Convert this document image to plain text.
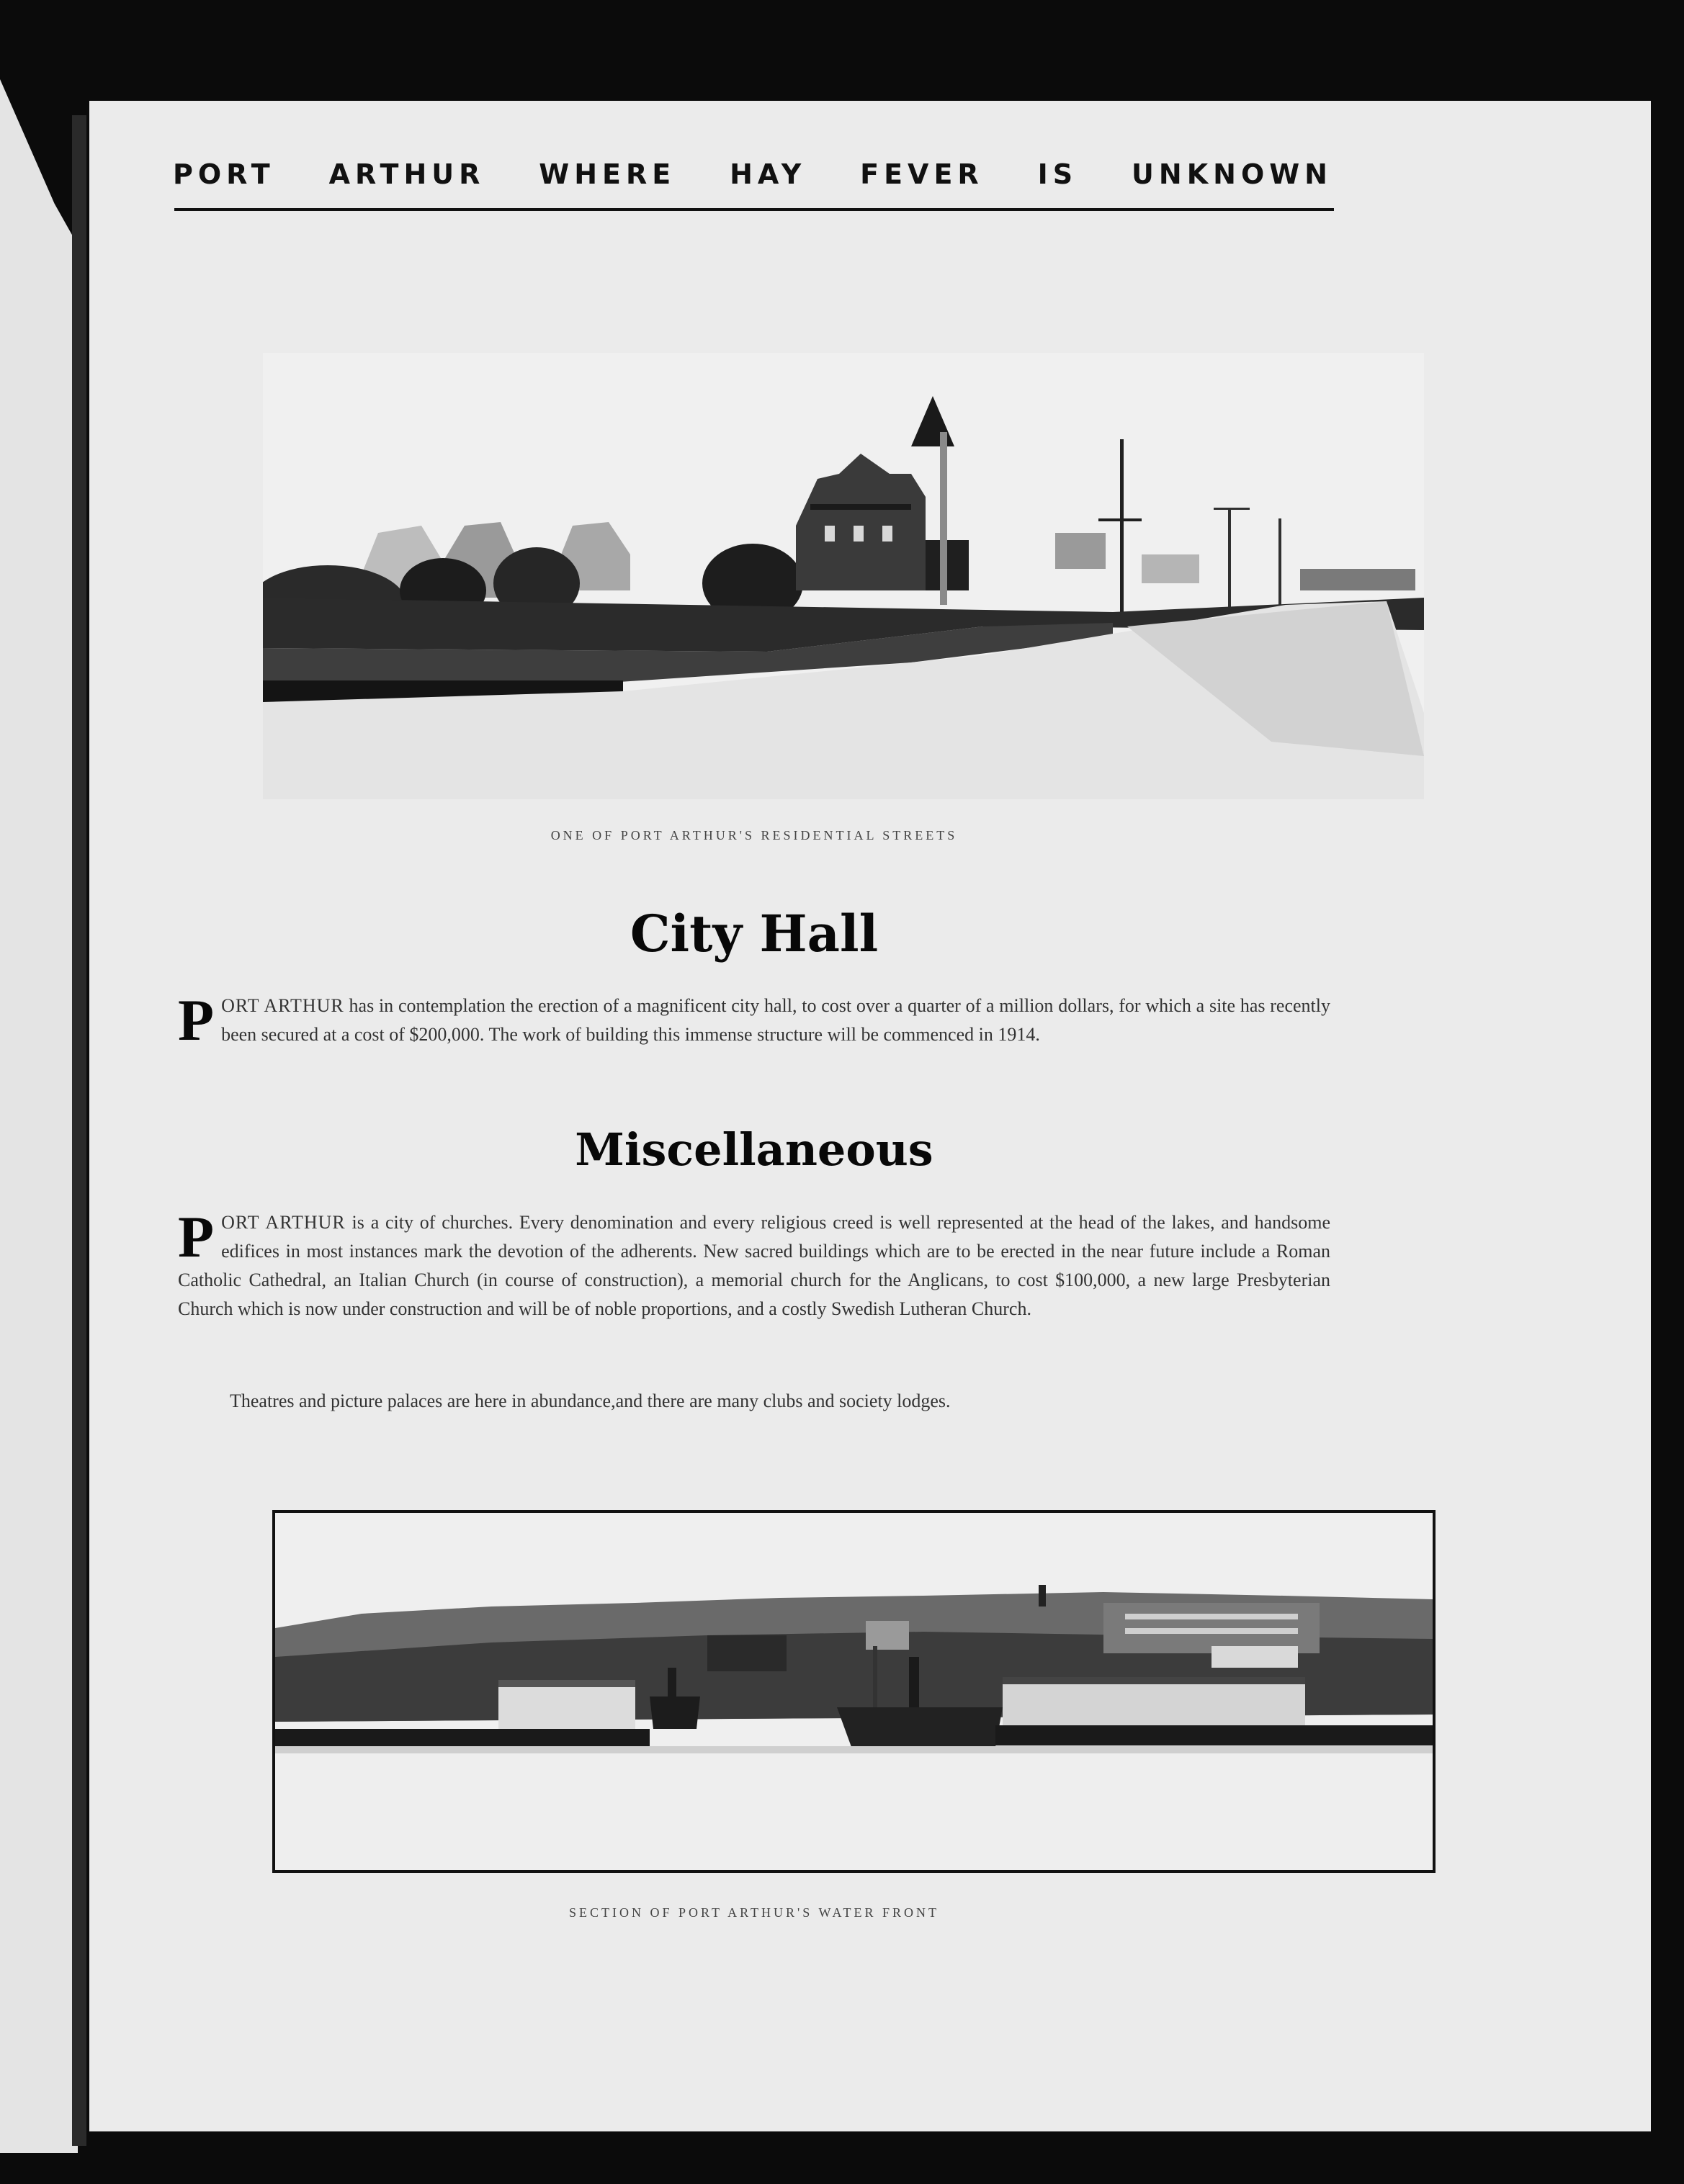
PORT ARTHUR WHERE HAY FEVER IS UNKNOWN
ONE OF PORT ARTHUR'S RESIDENTIAL STREETS
City Hall
PORT ARTHUR has in contemplation the erection of a magnificent city hall, to cost over a quarter of a million dollars, for which a site has recently been secured at a cost of $200,000. The work of building this immense structure will be commenced in 1914.
Miscellaneous
PORT ARTHUR is a city of churches. Every denomination and every religious creed is well represented at the head of the lakes, and handsome edifices in most instances mark the devotion of the adherents. New sacred buildings which are to be erected in the near future include a Roman Catholic Cathedral, an Italian Church (in course of construction), a memorial church for the Anglicans, to cost $100,000, a new large Presbyterian Church which is now under construction and will be of noble proportions, and a costly Swedish Lutheran Church.
Theatres and picture palaces are here in abundance,and there are many clubs and society lodges.
SECTION OF PORT ARTHUR'S WATER FRONT
